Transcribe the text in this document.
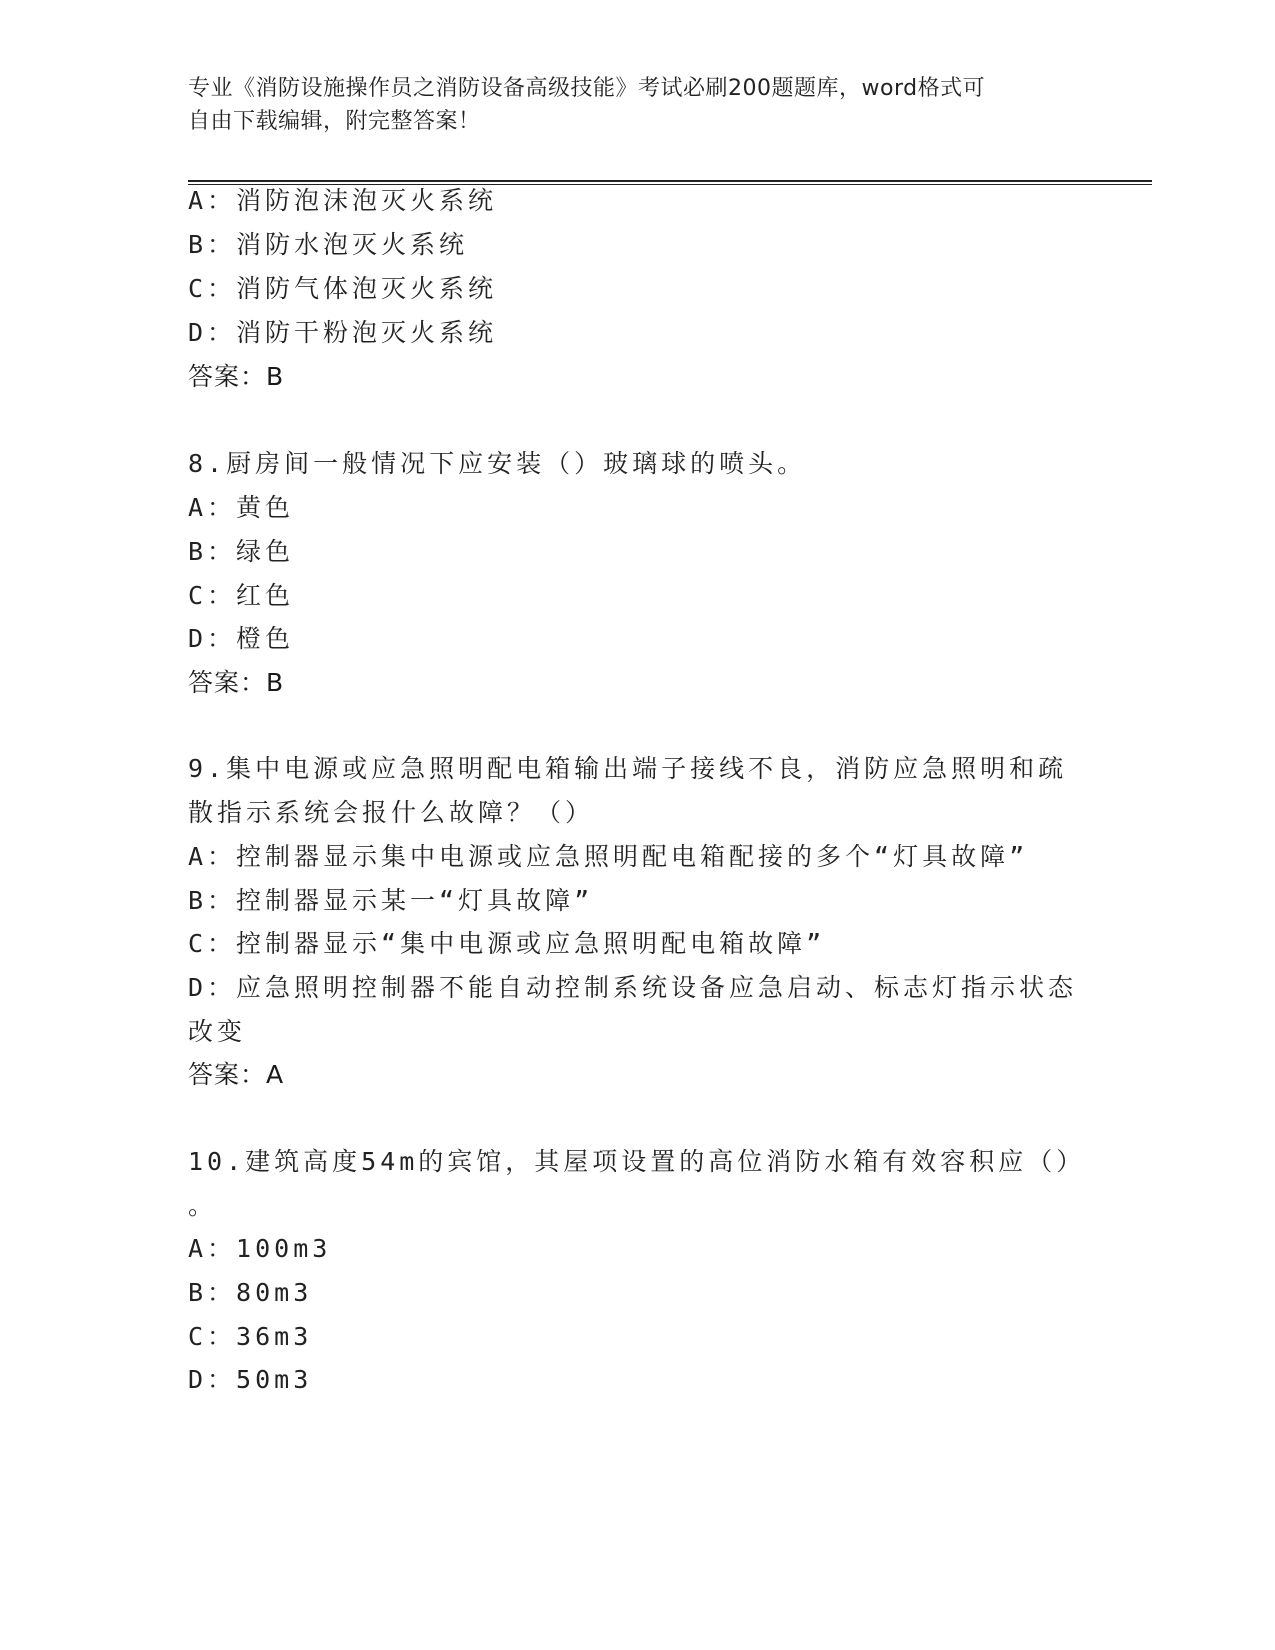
专业《消防设施操作员之消防设备高级技能》考试必刷200题题库，word格式可
自由下载编辑，附完整答案！
A：消防泡沫泡灭火系统
B：消防水泡灭火系统
C：消防气体泡灭火系统
D：消防干粉泡灭火系统
答案：B
8.厨房间一般情况下应安装（）玻璃球的喷头。
A：黄色
B：绿色
C：红色
D：橙色
答案：B
9.集中电源或应急照明配电箱输出端子接线不良，消防应急照明和疏
散指示系统会报什么故障？（）
A：控制器显示集中电源或应急照明配电箱配接的多个“灯具故障”
B：控制器显示某一“灯具故障”
C：控制器显示“集中电源或应急照明配电箱故障”
D：应急照明控制器不能自动控制系统设备应急启动、标志灯指示状态
改变
答案：A
10.建筑高度54m的宾馆，其屋项设置的高位消防水箱有效容积应（）
。
A：100m3
B：80m3
C：36m3
D：50m3
